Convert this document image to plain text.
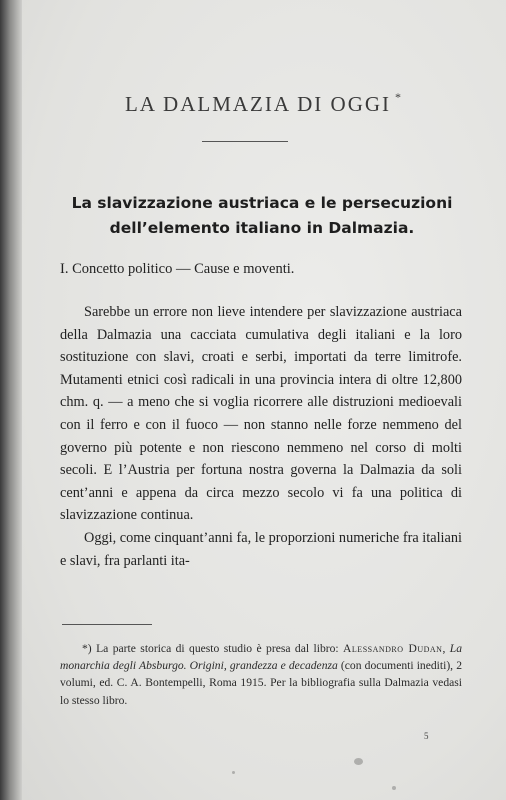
LA DALMAZIA DI OGGI *
La slavizzazione austriaca e le persecuzioni
dell’elemento italiano in Dalmazia.
I. Concetto politico — Cause e moventi.

Sarebbe un errore non lieve intendere per slavizzazione austriaca della Dalmazia una cacciata cumulativa degli italiani e la loro sostituzione con slavi, croati e serbi, importati da terre limitrofe. Mutamenti etnici così radicali in una provincia intera di oltre 12,800 chm. q. — a meno che si voglia ricorrere alle distruzioni medioevali con il ferro e con il fuoco — non stanno nelle forze nemmeno del governo più potente e non riescono nemmeno nel corso di molti secoli. E l’Austria per fortuna nostra governa la Dalmazia da soli cent’anni e appena da circa mezzo secolo vi fa una politica di slavizzazione continua.

Oggi, come cinquant’anni fa, le proporzioni numeriche fra italiani e slavi, fra parlanti ita-

*) La parte storica di questo studio è presa dal libro: Alessandro Dudan, La monarchia degli Absburgo. Origini, grandezza e decadenza (con documenti inediti), 2 volumi, ed. C. A. Bontempelli, Roma 1915. Per la bibliografia sulla Dalmazia vedasi lo stesso libro.
5
